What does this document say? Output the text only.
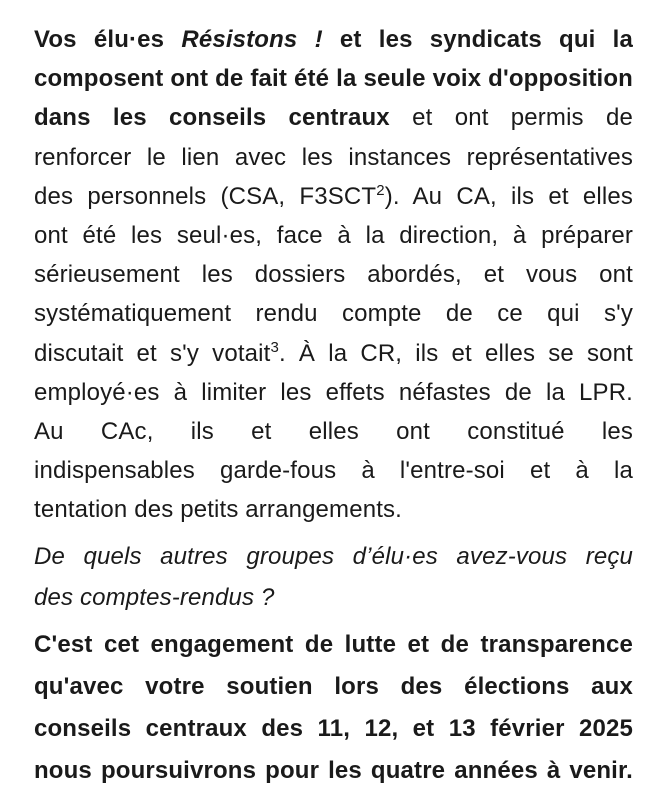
Vos élu·es Résistons ! et les syndicats qui la
composent ont de fait été la seule voix d'opposition
dans les conseils centraux et ont permis de
renforcer le lien avec les instances représentatives
des personnels (CSA, F3SCT$^2$). Au CA, ils et elles
ont été les seul·es, face à la direction, à préparer
sérieusement les dossiers abordés, et vous ont
systématiquement rendu compte de ce qui s'y
discutait et s'y votait$^3$. À la CR, ils et elles se sont
employé·es à limiter les effets néfastes de la LPR.
Au CAc, ils et elles ont constitué les
indispensables garde-fous à l'entre-soi et à la
tentation des petits arrangements.
De quels autres groupes d’élu·es avez-vous reçu
des comptes-rendus ?
C'est cet engagement de lutte et de transparence
qu'avec votre soutien lors des élections aux
conseils centraux des 11, 12, et 13 février 2025
nous poursuivrons pour les quatre années à venir.
